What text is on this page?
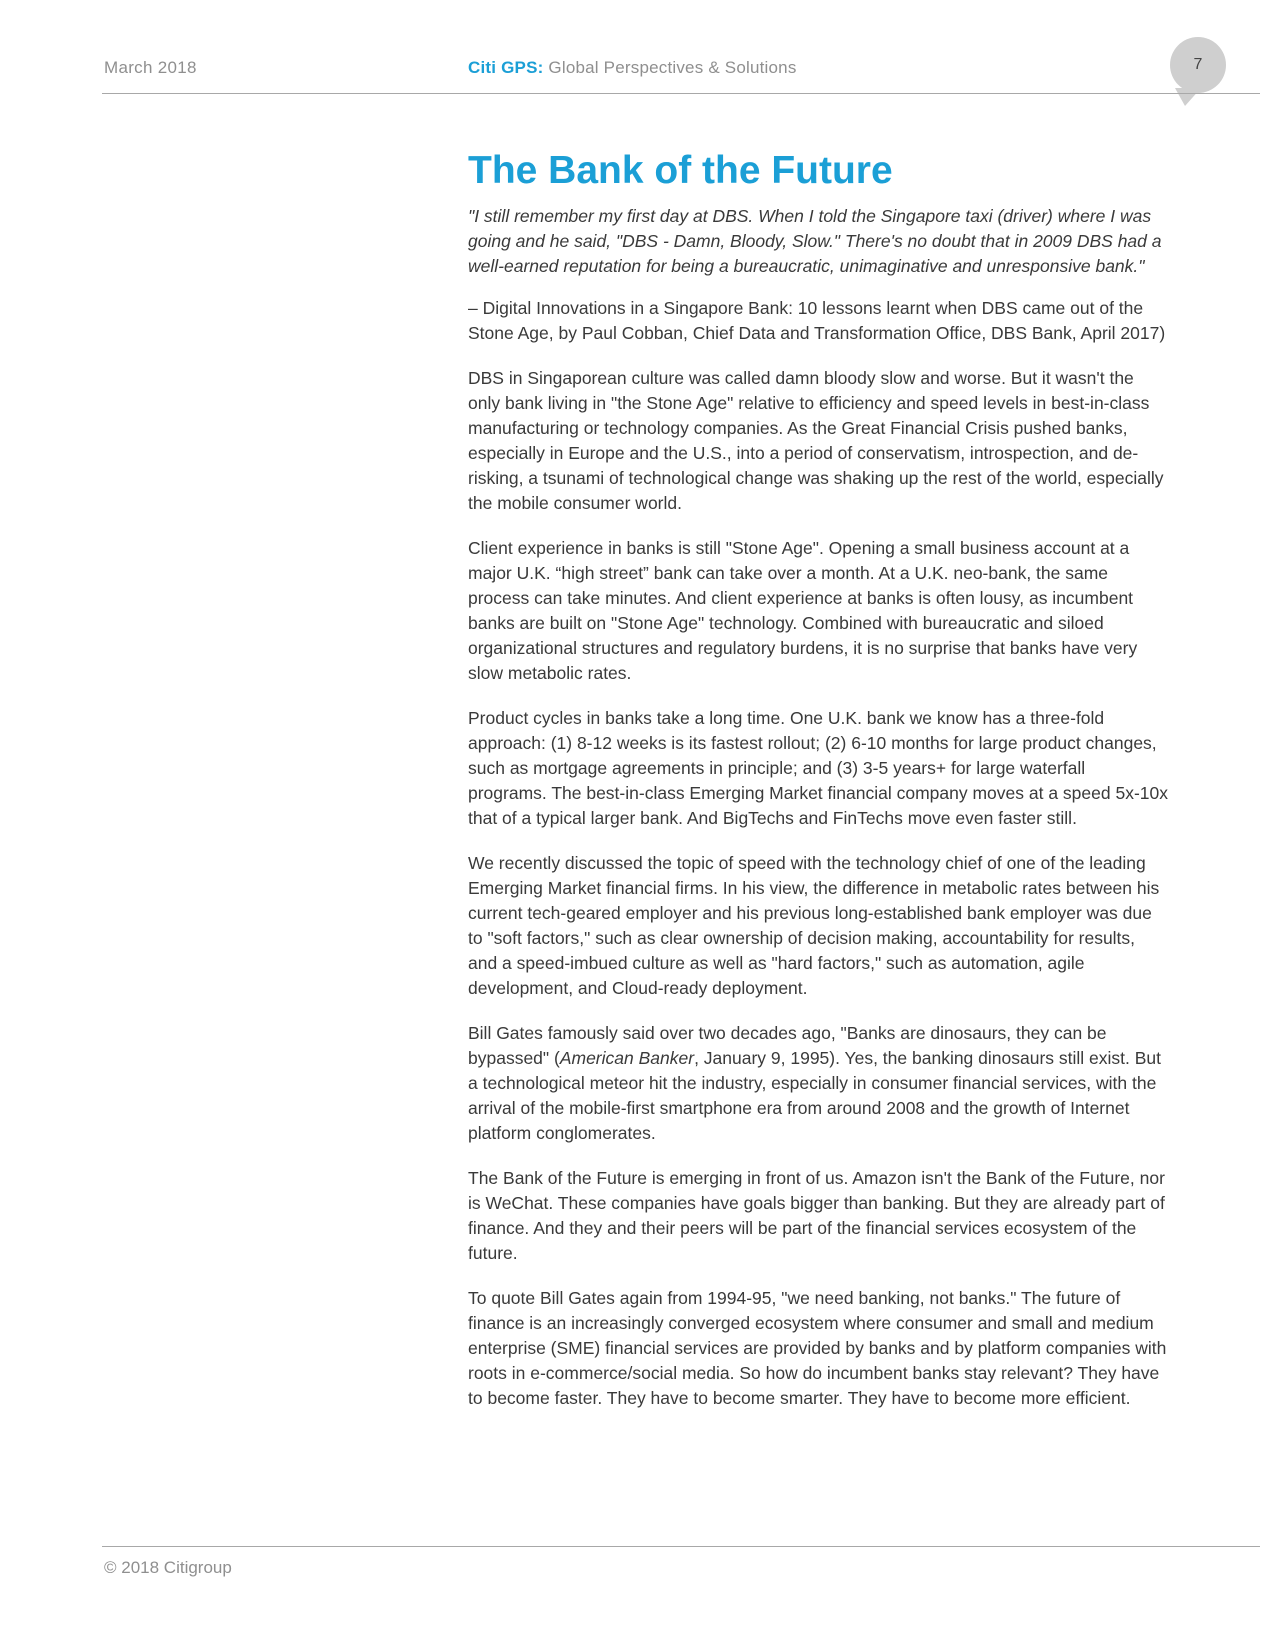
March 2018	Citi GPS: Global Perspectives & Solutions	7
The Bank of the Future

"I still remember my first day at DBS. When I told the Singapore taxi (driver) where I was going and he said, "DBS - Damn, Bloody, Slow." There's no doubt that in 2009 DBS had a well-earned reputation for being a bureaucratic, unimaginative and unresponsive bank."

– Digital Innovations in a Singapore Bank: 10 lessons learnt when DBS came out of the Stone Age, by Paul Cobban, Chief Data and Transformation Office, DBS Bank, April 2017)

DBS in Singaporean culture was called damn bloody slow and worse. But it wasn't the only bank living in "the Stone Age" relative to efficiency and speed levels in best-in-class manufacturing or technology companies. As the Great Financial Crisis pushed banks, especially in Europe and the U.S., into a period of conservatism, introspection, and de-risking, a tsunami of technological change was shaking up the rest of the world, especially the mobile consumer world.

Client experience in banks is still "Stone Age". Opening a small business account at a major U.K. “high street” bank can take over a month. At a U.K. neo-bank, the same process can take minutes. And client experience at banks is often lousy, as incumbent banks are built on "Stone Age" technology. Combined with bureaucratic and siloed organizational structures and regulatory burdens, it is no surprise that banks have very slow metabolic rates.

Product cycles in banks take a long time. One U.K. bank we know has a three-fold approach: (1) 8-12 weeks is its fastest rollout; (2) 6-10 months for large product changes, such as mortgage agreements in principle; and (3) 3-5 years+ for large waterfall programs. The best-in-class Emerging Market financial company moves at a speed 5x-10x that of a typical larger bank. And BigTechs and FinTechs move even faster still.

We recently discussed the topic of speed with the technology chief of one of the leading Emerging Market financial firms. In his view, the difference in metabolic rates between his current tech-geared employer and his previous long-established bank employer was due to "soft factors," such as clear ownership of decision making, accountability for results, and a speed-imbued culture as well as "hard factors," such as automation, agile development, and Cloud-ready deployment.

Bill Gates famously said over two decades ago, "Banks are dinosaurs, they can be bypassed" (American Banker, January 9, 1995). Yes, the banking dinosaurs still exist. But a technological meteor hit the industry, especially in consumer financial services, with the arrival of the mobile-first smartphone era from around 2008 and the growth of Internet platform conglomerates.

The Bank of the Future is emerging in front of us. Amazon isn't the Bank of the Future, nor is WeChat. These companies have goals bigger than banking. But they are already part of finance. And they and their peers will be part of the financial services ecosystem of the future.

To quote Bill Gates again from 1994-95, "we need banking, not banks." The future of finance is an increasingly converged ecosystem where consumer and small and medium enterprise (SME) financial services are provided by banks and by platform companies with roots in e-commerce/social media. So how do incumbent banks stay relevant? They have to become faster. They have to become smarter. They have to become more efficient.

© 2018 Citigroup
